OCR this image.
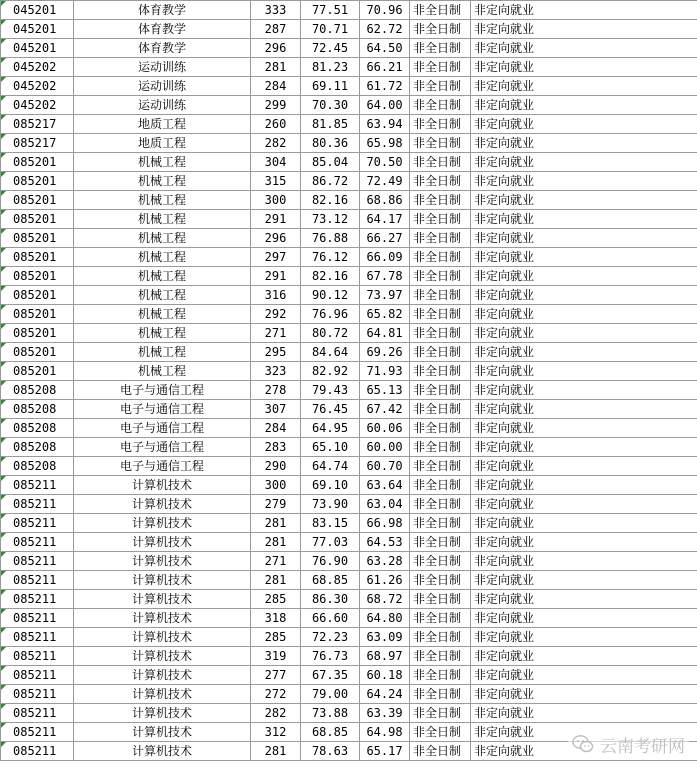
045201	体育教学	333	77.51	70.96	非全日制	非定向就业
045201	体育教学	287	70.71	62.72	非全日制	非定向就业
045201	体育教学	296	72.45	64.50	非全日制	非定向就业
045202	运动训练	281	81.23	66.21	非全日制	非定向就业
045202	运动训练	284	69.11	61.72	非全日制	非定向就业
045202	运动训练	299	70.30	64.00	非全日制	非定向就业
085217	地质工程	260	81.85	63.94	非全日制	非定向就业
085217	地质工程	282	80.36	65.98	非全日制	非定向就业
085201	机械工程	304	85.04	70.50	非全日制	非定向就业
085201	机械工程	315	86.72	72.49	非全日制	非定向就业
085201	机械工程	300	82.16	68.86	非全日制	非定向就业
085201	机械工程	291	73.12	64.17	非全日制	非定向就业
085201	机械工程	296	76.88	66.27	非全日制	非定向就业
085201	机械工程	297	76.12	66.09	非全日制	非定向就业
085201	机械工程	291	82.16	67.78	非全日制	非定向就业
085201	机械工程	316	90.12	73.97	非全日制	非定向就业
085201	机械工程	292	76.96	65.82	非全日制	非定向就业
085201	机械工程	271	80.72	64.81	非全日制	非定向就业
085201	机械工程	295	84.64	69.26	非全日制	非定向就业
085201	机械工程	323	82.92	71.93	非全日制	非定向就业
085208	电子与通信工程	278	79.43	65.13	非全日制	非定向就业
085208	电子与通信工程	307	76.45	67.42	非全日制	非定向就业
085208	电子与通信工程	284	64.95	60.06	非全日制	非定向就业
085208	电子与通信工程	283	65.10	60.00	非全日制	非定向就业
085208	电子与通信工程	290	64.74	60.70	非全日制	非定向就业
085211	计算机技术	300	69.10	63.64	非全日制	非定向就业
085211	计算机技术	279	73.90	63.04	非全日制	非定向就业
085211	计算机技术	281	83.15	66.98	非全日制	非定向就业
085211	计算机技术	281	77.03	64.53	非全日制	非定向就业
085211	计算机技术	271	76.90	63.28	非全日制	非定向就业
085211	计算机技术	281	68.85	61.26	非全日制	非定向就业
085211	计算机技术	285	86.30	68.72	非全日制	非定向就业
085211	计算机技术	318	66.60	64.80	非全日制	非定向就业
085211	计算机技术	285	72.23	63.09	非全日制	非定向就业
085211	计算机技术	319	76.73	68.97	非全日制	非定向就业
085211	计算机技术	277	67.35	60.18	非全日制	非定向就业
085211	计算机技术	272	79.00	64.24	非全日制	非定向就业
085211	计算机技术	282	73.88	63.39	非全日制	非定向就业
085211	计算机技术	312	68.85	64.98	非全日制	非定向就业
085211	计算机技术	281	78.63	65.17	非全日制	非定向就业	云南考研网
